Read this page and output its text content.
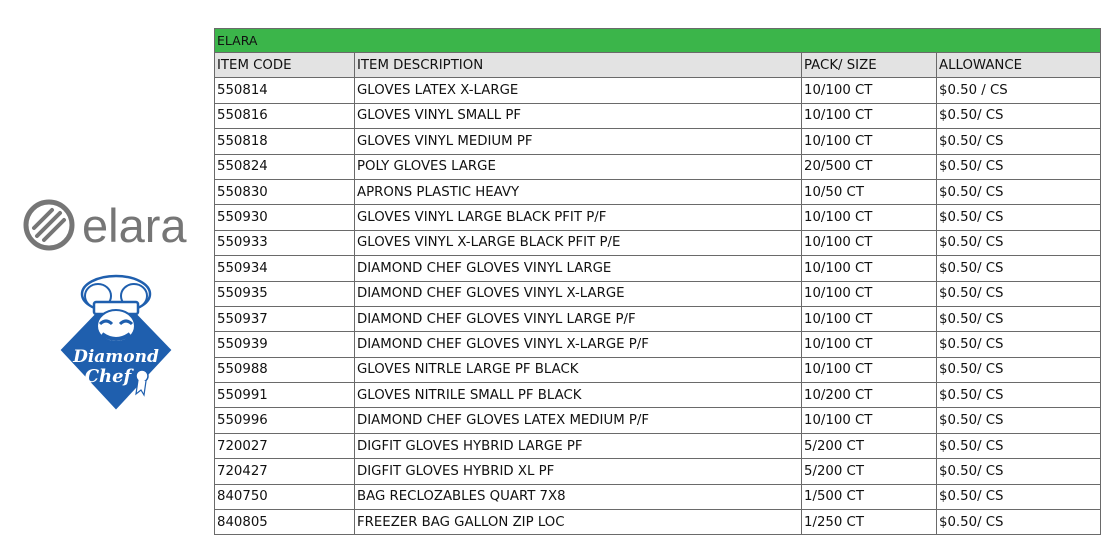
elara
Diamond
Chef
ELARA			
ITEM CODE	ITEM DESCRIPTION	PACK/ SIZE	ALLOWANCE
550814	GLOVES LATEX X-LARGE	10/100 CT	$0.50 / CS
550816	GLOVES VINYL SMALL PF	10/100 CT	$0.50/ CS
550818	GLOVES VINYL MEDIUM PF	10/100 CT	$0.50/ CS
550824	POLY GLOVES LARGE	20/500 CT	$0.50/ CS
550830	APRONS PLASTIC HEAVY	10/50 CT	$0.50/ CS
550930	GLOVES VINYL LARGE BLACK PFIT P/F	10/100 CT	$0.50/ CS
550933	GLOVES VINYL X-LARGE BLACK PFIT P/E	10/100 CT	$0.50/ CS
550934	DIAMOND CHEF GLOVES VINYL LARGE	10/100 CT	$0.50/ CS
550935	DIAMOND CHEF GLOVES VINYL X-LARGE	10/100 CT	$0.50/ CS
550937	DIAMOND CHEF GLOVES VINYL LARGE P/F	10/100 CT	$0.50/ CS
550939	DIAMOND CHEF GLOVES VINYL X-LARGE P/F	10/100 CT	$0.50/ CS
550988	GLOVES NITRLE LARGE PF BLACK	10/100 CT	$0.50/ CS
550991	GLOVES NITRILE SMALL PF BLACK	10/200 CT	$0.50/ CS
550996	DIAMOND CHEF GLOVES LATEX MEDIUM P/F	10/100 CT	$0.50/ CS
720027	DIGFIT GLOVES HYBRID LARGE PF	5/200 CT	$0.50/ CS
720427	DIGFIT GLOVES HYBRID XL PF	5/200 CT	$0.50/ CS
840750	BAG RECLOZABLES QUART 7X8	1/500 CT	$0.50/ CS
840805	FREEZER BAG GALLON ZIP LOC	1/250 CT	$0.50/ CS
